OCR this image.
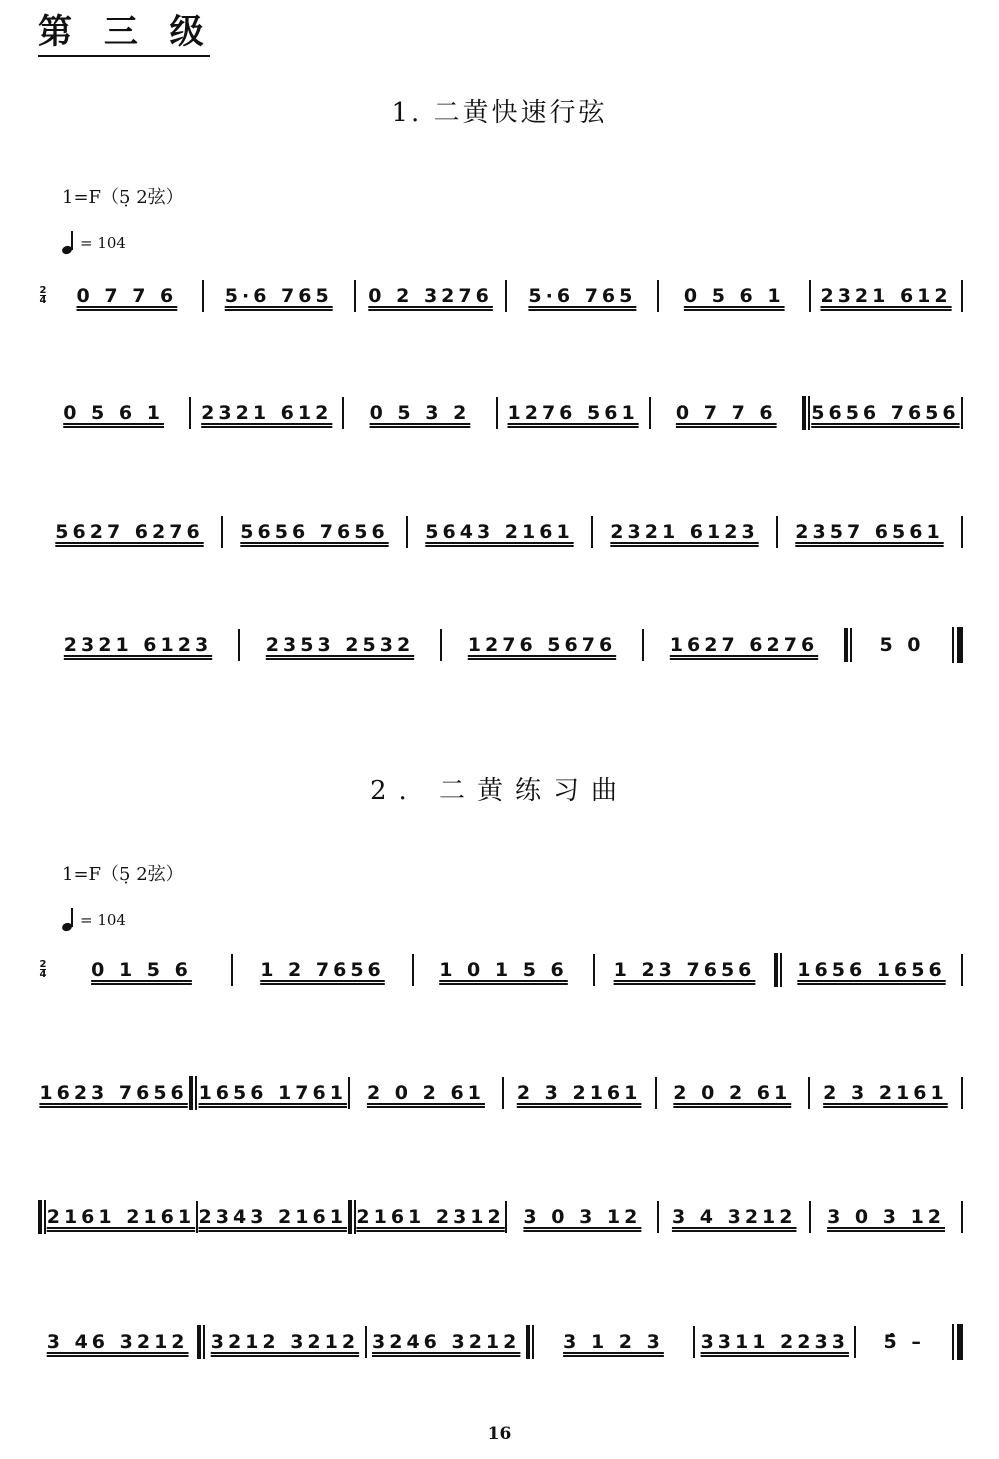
第 三 级
1. 二黄快速行弦
1=F（5̣ 2弦）
= 104
2
4 0 7 7 6 5·6 765 0 2 3276 5·6 765	0 5 6 1 2321 612
0 5 6 1 2321 612 0 5 3 2 1276 561 0 7 7 6 5656 7656
5627 6276 5656 7656 5643 2161 2321 6123 2357 6561
2321 6123	2353 2532	1276 5676	1627 6276	5 0
2. 二黄练习曲
1=F（5̣ 2弦）
= 104
2
4 0 1 5 6	1 2 7656	1 0 1 5 6 1 23 7656 1656 1656
1623 7656 1656 1761 2 0 2 61 2 3 2161 2 0 2 61 2 3 2161
2161 2161 2343 2161 2161 2312 3 0 3 12 3 4 3212 3 0 3 12
3 46 3212 3212 3212 3246 3212 3 1 2 3 3311 2233 5̂ –
16
